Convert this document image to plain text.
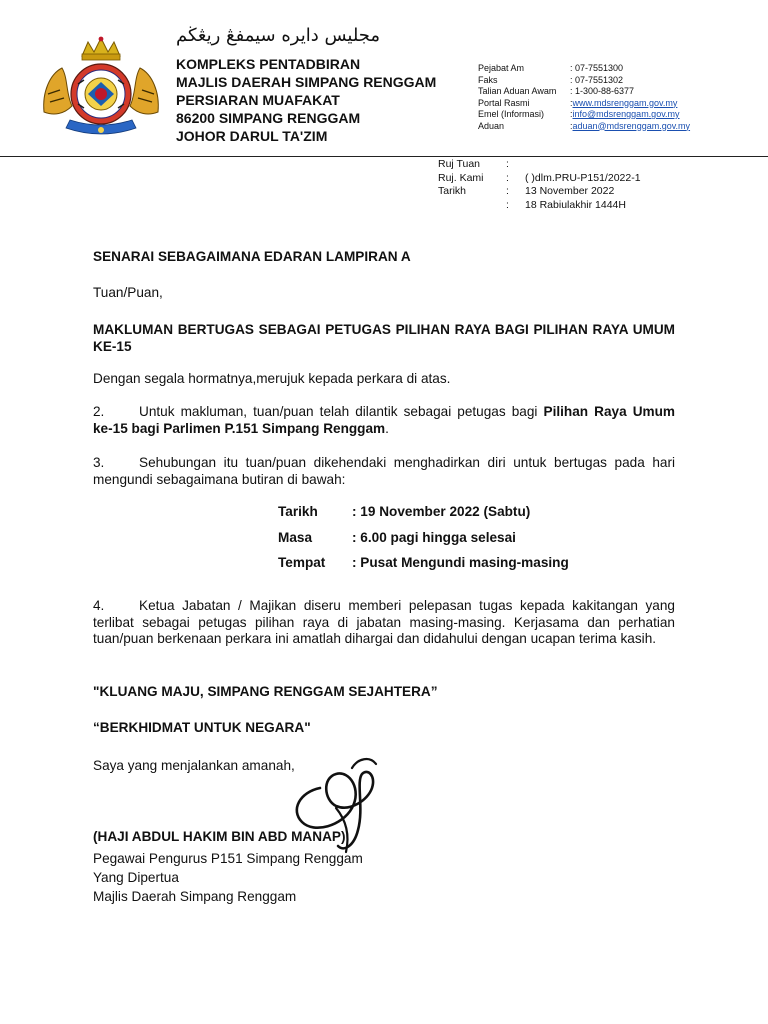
مجليس دايره سيمفڠ ريڠڬم
KOMPLEKS PENTADBIRAN
MAJLIS DAERAH SIMPANG RENGGAM
PERSIARAN MUAFAKAT
86200 SIMPANG RENGGAM
JOHOR DARUL TA'ZIM
Pejabat Am	: 07-7551300
Faks	: 07-7551302
Talian Aduan Awam	: 1-300-88-6377
Portal Rasmi	: www.mdsrenggam.gov.my
Emel (Informasi)	: info@mdsrenggam.gov.my
Aduan	: aduan@mdsrenggam.gov.my
Ruj Tuan :
Ruj. Kami : ( )dlm.PRU-P151/2022-1
Tarikh	: 13 November 2022
: 18 Rabiulakhir 1444H
SENARAI SEBAGAIMANA EDARAN LAMPIRAN A
Tuan/Puan,
MAKLUMAN BERTUGAS SEBAGAI PETUGAS PILIHAN RAYA BAGI PILIHAN RAYA UMUM KE-15
Dengan segala hormatnya,merujuk kepada perkara di atas.
2.	Untuk makluman, tuan/puan telah dilantik sebagai petugas bagi Pilihan Raya Umum ke-15 bagi Parlimen P.151 Simpang Renggam.
3.	Sehubungan itu tuan/puan dikehendaki menghadirkan diri untuk bertugas pada hari mengundi sebagaimana butiran di bawah:
Tarikh	: 19 November 2022 (Sabtu)
Masa	: 6.00 pagi hingga selesai
Tempat : Pusat Mengundi masing-masing
4.	Ketua Jabatan / Majikan diseru memberi pelepasan tugas kepada kakitangan yang terlibat sebagai petugas pilihan raya di jabatan masing-masing. Kerjasama dan perhatian tuan/puan berkenaan perkara ini amatlah dihargai dan didahului dengan ucapan terima kasih.
"KLUANG MAJU, SIMPANG RENGGAM SEJAHTERA”
“BERKHIDMAT UNTUK NEGARA"
Saya yang menjalankan amanah,
(HAJI ABDUL HAKIM BIN ABD MANAP)
Pegawai Pengurus P151 Simpang Renggam
Yang Dipertua
Majlis Daerah Simpang Renggam
